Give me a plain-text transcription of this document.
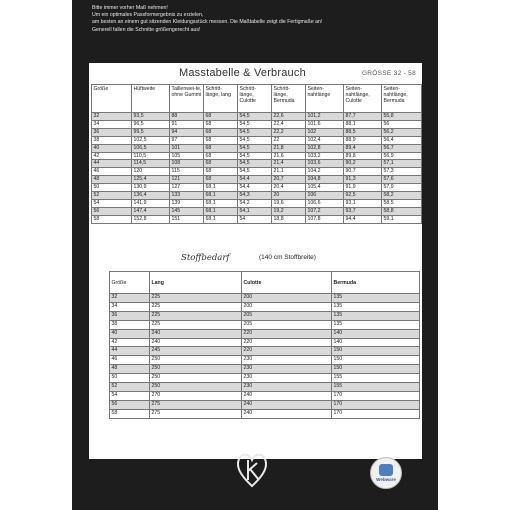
Bitte immer vorher Maß nehmen!
Um ein optimales Passformergebnis zu erzielen,
am besten an einem gut sitzenden Kleidungsstück messen. Die Maßtabelle zeigt die Fertigmaße an!
Generell fallen die Schnitte größengerecht aus!
Masstabelle & Verbrauch	GRÖSSE 32 - 58
Größe	Hüftweite	Taillenwei-te, ohne Gummi	Schritt-länge, lang	Schritt-länge, Culotte	Schritt-länge, Bermuda	Seiten-nahtlänge	Seiten-nahtlänge, Culotte	Seiten-nahtlänge, Bermuda
32	93,5	88	68	54,5	22,6	101,2	87,7	55,8
34	96,5	91	68	54,5	22,4	101,6	88,1	56
36	99,5	94	68	54,5	22,2	102	88,5	56,2
38	102,5	97	68	54,5	22	102,4	88,9	56,4
40	106,5	101	68	54,5	21,8	102,8	89,4	56,7
42	110,5	105	68	54,5	21,6	103,2	89,8	56,9
44	114,5	108	68	54,5	21,4	103,6	90,2	57,1
46	120	115	68	54,5	21,1	104,2	90,7	57,3
48	125,4	121	68	54,4	20,7	104,8	91,3	57,6
50	130,9	127	68,1	54,4	20,4	105,4	91,9	57,9
52	136,4	133	68,1	54,3	20	106	92,5	58,2
54	141,9	139	68,1	54,2	19,6	106,6	93,1	58,5
56	147,4	145	68,1	54,1	19,2	107,2	93,7	58,8
58	152,8	151	68,1	54	18,8	107,8	94,4	59,1
Stoffbedarf	(140 cm Stoffbreite)
Größe	Lang	Culotte	Bermuda
32	225	200	135
34	225	200	135
36	225	205	135
38	225	205	135
40	240	220	140
42	240	220	140
44	245	220	150
46	250	230	150
48	250	230	150
50	250	230	155
52	250	230	155
54	270	240	170
56	275	240	170
58	275	240	170
Webware
